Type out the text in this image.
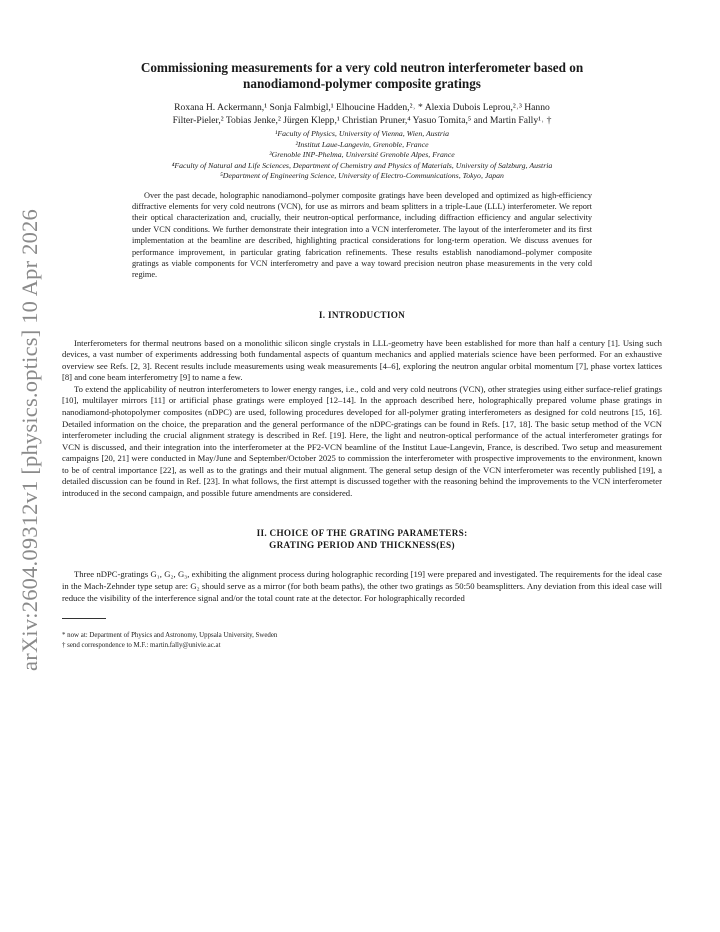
arXiv:2604.09312v1 [physics.optics] 10 Apr 2026
Commissioning measurements for a very cold neutron interferometer based on
nanodiamond-polymer composite gratings
Roxana H. Ackermann,¹ Sonja Falmbigl,¹ Elhoucine Hadden,²˒ * Alexia Dubois Leprou,²˒³ Hanno
Filter-Pieler,² Tobias Jenke,² Jürgen Klepp,¹ Christian Pruner,⁴ Yasuo Tomita,⁵ and Martin Fally¹˒ †
¹Faculty of Physics, University of Vienna, Wien, Austria
²Institut Laue-Langevin, Grenoble, France
³Grenoble INP-Phelma, Université Grenoble Alpes, France
⁴Faculty of Natural and Life Sciences, Department of Chemistry and Physics of Materials, University of Salzburg, Austria
⁵Department of Engineering Science, University of Electro-Communications, Tokyo, Japan

Over the past decade, holographic nanodiamond–polymer composite gratings have been developed and optimized as high-efficiency diffractive elements for very cold neutrons (VCN), for use as mirrors and beam splitters in a triple-Laue (LLL) interferometer. We report their optical characterization and, crucially, their neutron-optical performance, including diffraction efficiency and angular selectivity under VCN conditions. We further demonstrate their integration into a VCN interferometer. The layout of the interferometer and its first implementation at the beamline are described, highlighting practical considerations for long-term operation. We discuss avenues for performance improvement, in particular grating fabrication refinements. These results establish nanodiamond–polymer composite gratings as viable components for VCN interferometry and pave a way toward precision neutron phase measurements in the very cold regime.

I. INTRODUCTION

Interferometers for thermal neutrons based on a monolithic silicon single crystals in LLL-geometry have been established for more than half a century [1]. Using such devices, a vast number of experiments addressing both fundamental aspects of quantum mechanics and applied materials science have been performed. For an exhaustive overview see Refs. [2, 3]. Recent results include measurements using weak measurements [4–6], exploring the neutron angular orbital momentum [7], phase vortex lattices [8] and cone beam interferometry [9] to name a few.

To extend the applicability of neutron interferometers to lower energy ranges, i.e., cold and very cold neutrons (VCN), other strategies using either surface-relief gratings [10], multilayer mirrors [11] or artificial phase gratings were employed [12–14]. In the approach described here, holographically prepared volume phase gratings in nanodiamond-photopolymer composites (nDPC) are used, following procedures developed for all-polymer grating interferometers as designed for cold neutrons [15, 16]. Detailed information on the choice, the preparation and the general performance of the nDPC-gratings can be found in Refs. [17, 18]. The basic setup method of the VCN interferometer including the crucial alignment strategy is described in Ref. [19]. Here, the light and neutron-optical performance of the actual interferometer gratings for VCN is discussed, and their integration into the interferometer at the PF2-VCN beamline of the Institut Laue-Langevin, France, is described. Two setup and measurement campaigns [20, 21] were conducted in May/June and September/October 2025 to commission the interferometer with prospective improvements to the environment, known to be of central importance [22], as well as to the gratings and their mutual alignment. The general setup design of the VCN interferometer was recently published [19], a detailed discussion can be found in Ref. [23]. In what follows, the first attempt is discussed together with the reasoning behind the improvements to the VCN interferometer introduced in the second campaign, and possible future amendments are considered.

II. CHOICE OF THE GRATING PARAMETERS:
GRATING PERIOD AND THICKNESS(ES)

Three nDPC-gratings G₁, G₂, G₃, exhibiting the alignment process during holographic recording [19] were prepared and investigated. The requirements for the ideal case in the Mach-Zehnder type setup are: G₂ should serve as a mirror (for both beam paths), the other two gratings as 50:50 beamsplitters. Any deviation from this ideal case will reduce the visibility of the interference signal and/or the total count rate at the detector. For holographically recorded

* now at: Department of Physics and Astronomy, Uppsala University, Sweden
† send correspondence to M.F.: martin.fally@univie.ac.at
